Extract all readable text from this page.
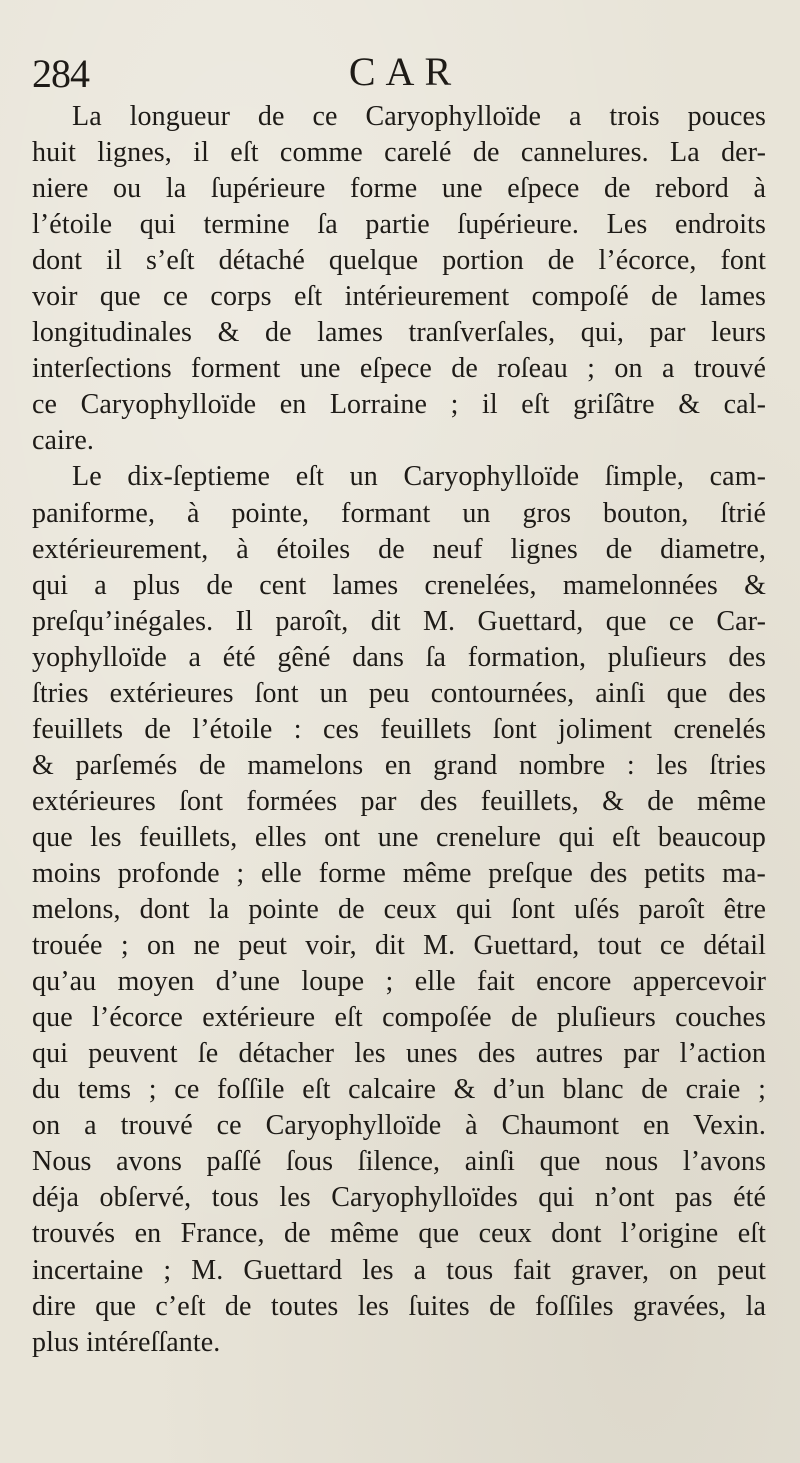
284	CAR
La longueur de ce Caryophylloïde a trois pouces
huit lignes, il eſt comme carelé de cannelures. La der-
niere ou la ſupérieure forme une eſpece de rebord à
l’étoile qui termine ſa partie ſupérieure. Les endroits
dont il s’eſt détaché quelque portion de l’écorce, font
voir que ce corps eſt intérieurement compoſé de lames
longitudinales & de lames tranſverſales, qui, par leurs
interſections forment une eſpece de roſeau ; on a trouvé
ce Caryophylloïde en Lorraine ; il eſt griſâtre & cal-
caire.
Le dix-ſeptieme eſt un Caryophylloïde ſimple, cam-
paniforme, à pointe, formant un gros bouton, ſtrié
extérieurement, à étoiles de neuf lignes de diametre,
qui a plus de cent lames crenelées, mamelonnées &
preſqu’inégales. Il paroît, dit M. Guettard, que ce Car-
yophylloïde a été gêné dans ſa formation, pluſieurs des
ſtries extérieures ſont un peu contournées, ainſi que des
feuillets de l’étoile : ces feuillets ſont joliment crenelés
& parſemés de mamelons en grand nombre : les ſtries
extérieures ſont formées par des feuillets, & de même
que les feuillets, elles ont une crenelure qui eſt beaucoup
moins profonde ; elle forme même preſque des petits ma-
melons, dont la pointe de ceux qui ſont uſés paroît être
trouée ; on ne peut voir, dit M. Guettard, tout ce détail
qu’au moyen d’une loupe ; elle fait encore appercevoir
que l’écorce extérieure eſt compoſée de pluſieurs couches
qui peuvent ſe détacher les unes des autres par l’action
du tems ; ce foſſile eſt calcaire & d’un blanc de craie ;
on a trouvé ce Caryophylloïde à Chaumont en Vexin.
Nous avons paſſé ſous ſilence, ainſi que nous l’avons
déja obſervé, tous les Caryophylloïdes qui n’ont pas été
trouvés en France, de même que ceux dont l’origine eſt
incertaine ; M. Guettard les a tous fait graver, on peut
dire que c’eſt de toutes les ſuites de foſſiles gravées, la
plus intéreſſante.
